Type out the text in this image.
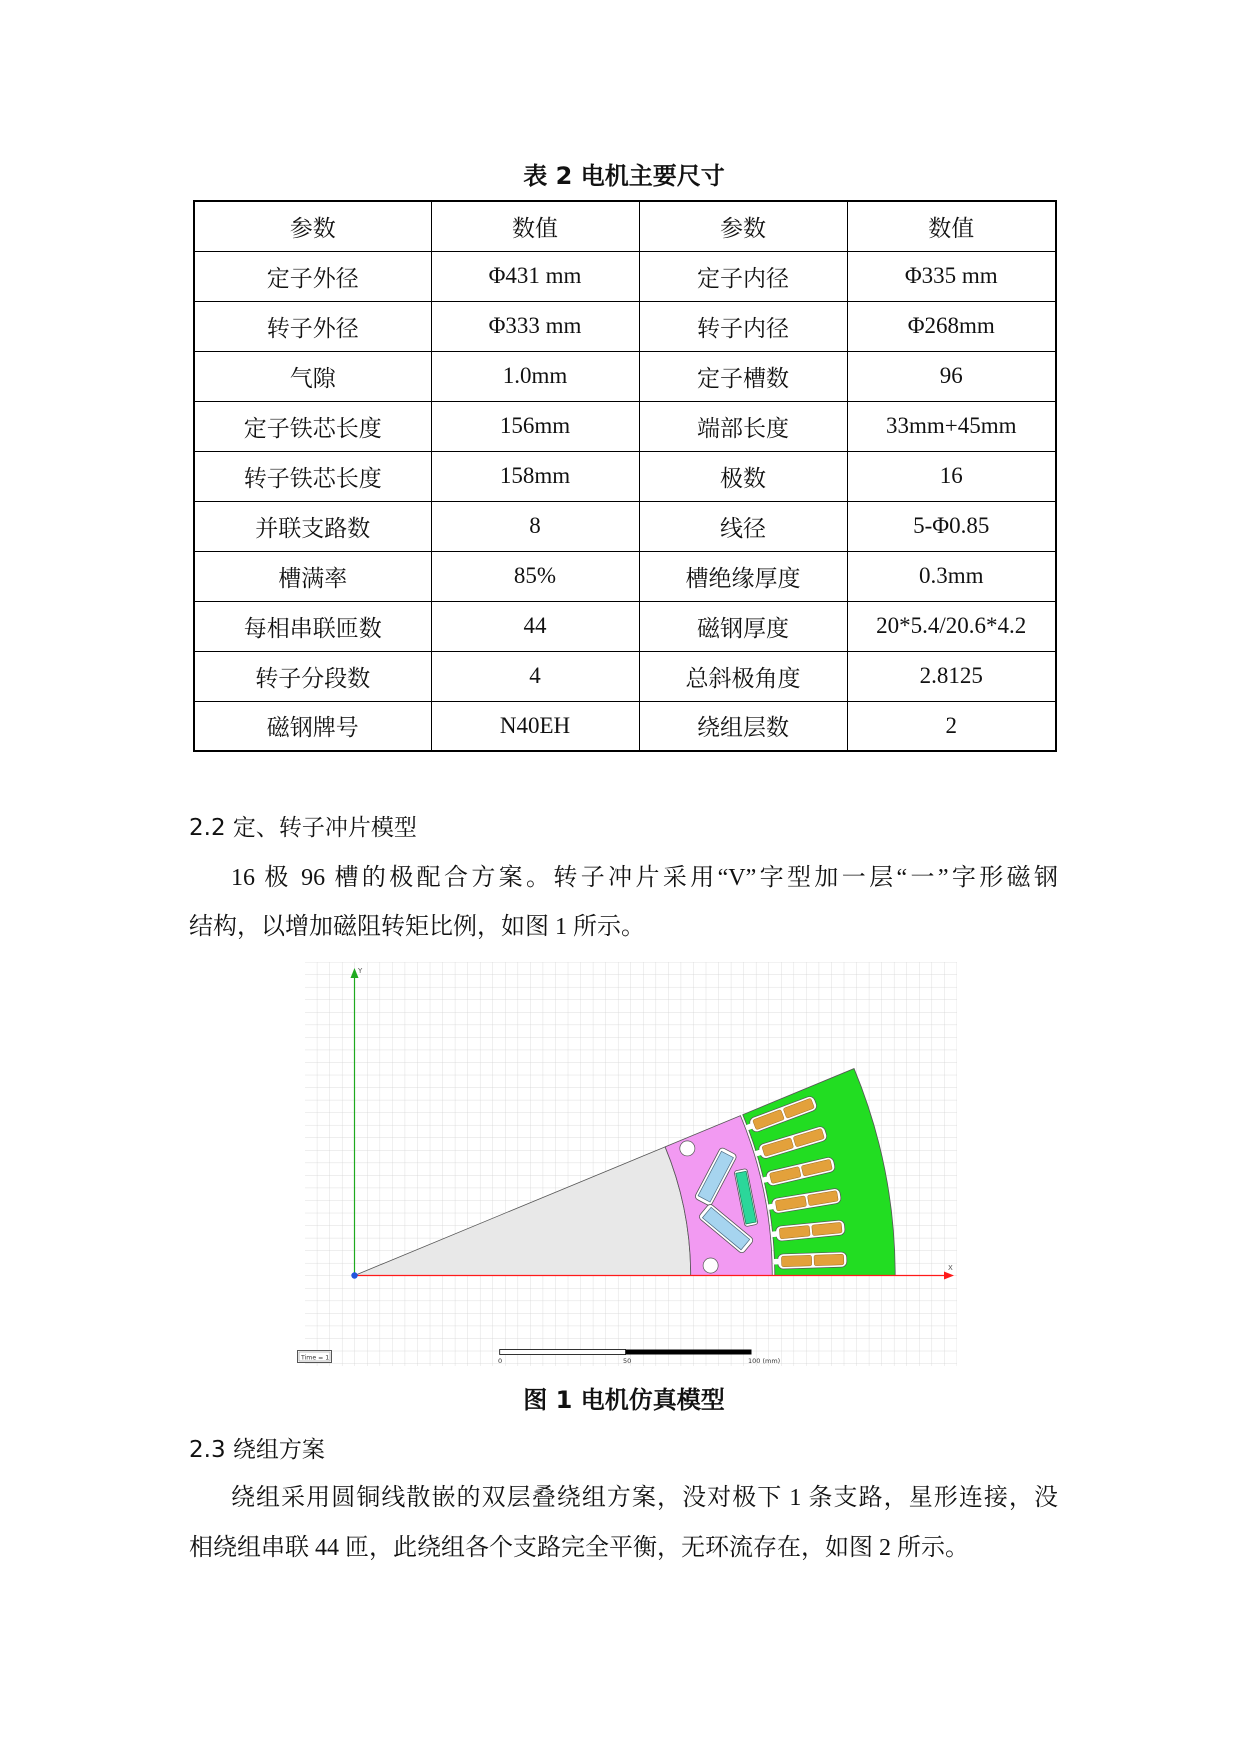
表 2 电机主要尺寸
参数	数值	参数	数值
定子外径	Φ431 mm	定子内径	Φ335 mm
转子外径	Φ333 mm	转子内径	Φ268mm
气隙	1.0mm	定子槽数	96
定子铁芯长度	156mm	端部长度	33mm+45mm
转子铁芯长度	158mm	极数	16
并联支路数	8	线径	5-Φ0.85
槽满率	85%	槽绝缘厚度	0.3mm
每相串联匝数	44	磁钢厚度	20*5.4/20.6*4.2
转子分段数	4	总斜极角度	2.8125
磁钢牌号	N40EH	绕组层数	2
2.2 定、转子冲片模型
16 极 96 槽的极配合方案。转子冲片采用“V”字型加一层“一”字形磁钢
结构，以增加磁阻转矩比例，如图 1 所示。
Y
X
0	50	100 (mm)
Time = 1
图 1 电机仿真模型
2.3 绕组方案
绕组采用圆铜线散嵌的双层叠绕组方案，没对极下 1 条支路，星形连接，没
相绕组串联 44 匝，此绕组各个支路完全平衡，无环流存在，如图 2 所示。
